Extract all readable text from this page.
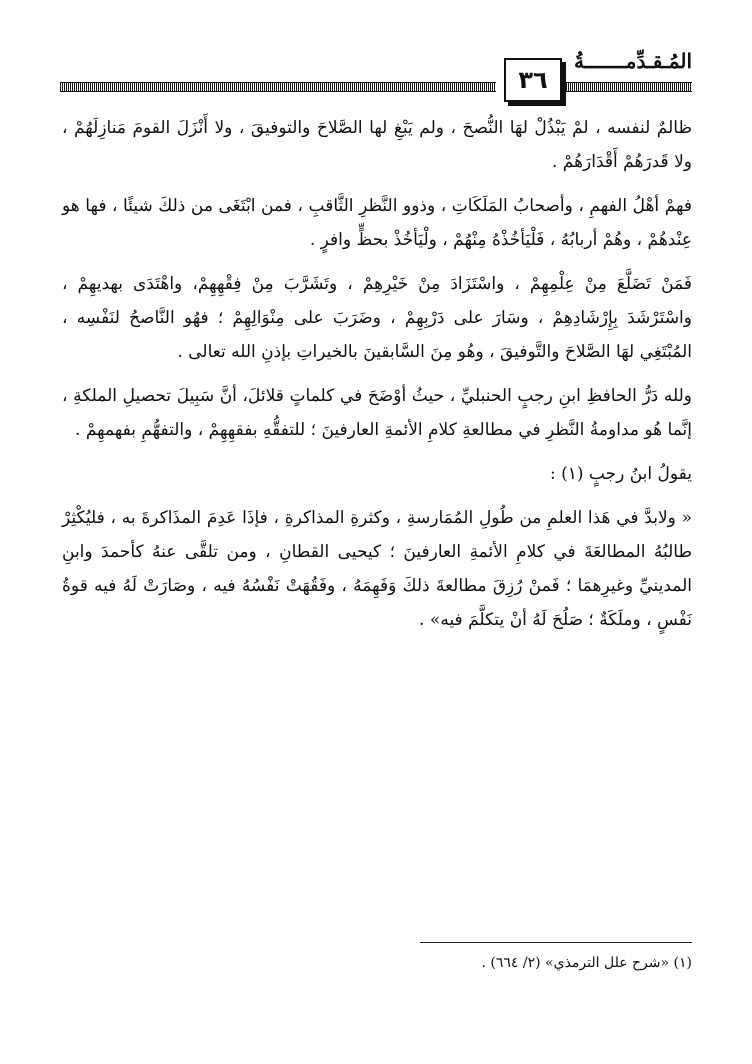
٣٦
المُـقـدِّمـــــــةُ

ظالمٌ لنفسه ، لمْ يَبْذُلْ لهَا النُّصحَ ، ولم يَبْغِ لها الصَّلاحَ والتوفيقَ ، ولا أَنْزَلَ القومَ مَنازِلَهُمْ ، ولا قَدرَهُمْ أَقْدَارَهُمْ .

فهمْ أهْلُ الفهمِ ، وأصحابُ المَلَكَاتِ ، وذوو النَّظرِ الثَّاقبِ ، فمن ابْتَغَى من ذلكَ شيئًا ، فها هو عِنْدهُمْ ، وهُمْ أربابُهُ ، فَلْيَأخُذْهُ مِنْهُمْ ، ولْيَأخُذْ بحظٍّ وافرٍ .

فَمَنْ تَضَلَّعَ مِنْ عِلْمِهِمْ ، واسْتَزَادَ مِنْ خَيْرِهِمْ ، وتَشَرَّبَ مِنْ فِقْهِهِمْ، واهْتَدَى بهديهِمْ ، واسْتَرْشَدَ بِإِرْشَادِهِمْ ، وسَارَ على دَرْبِهِمْ ، وضَرَبَ على مِنْوَالِهِمْ ؛ فهُو النَّاصحُ لنَفْسِه ، المُبْتَغِي لهَا الصَّلاحَ والتَّوفيقَ ، وهُو مِنَ السَّابقينَ بالخيراتِ بإذنِ الله تعالى .

ولله دَرُّ الحافظِ ابنِ رجبٍ الحنبليِّ ، حيثُ أوْضَحَ في كلماتٍ قلائلَ، أنَّ سَبِيلَ تحصيلِ الملكةِ ، إنَّما هُو مداومةُ النَّظرِ في مطالعةِ كلامِ الأئمةِ العارفينَ ؛ للتفقُّهِ بفقهِهِمْ ، والتفهُّمِ بفهمهِمْ .

يقولُ ابنُ رجبٍ (١) :

« ولابدَّ في هَذا العلمِ من طُولِ المُمَارسةِ ، وكثرةِ المذاكرةِ ، فإذَا عَدِمَ المذَاكرةَ به ، فليُكْثِرْ طالبُهُ المطالعَةَ في كلامِ الأئمةِ العارفينَ ؛ كيحيى القطانِ ، ومن تلقَّى عنهُ كأحمدَ وابنِ المدينيِّ وغيرِهمَا ؛ فَمنْ رُزِقَ مطالعةَ ذلكَ وَفَهِمَهُ ، وفَقُهَتْ نَفْسُهُ فيه ، وصَارَتْ لَهُ فيه قوةُ نَفْسٍ ، وملَكَةٌ ؛ صَلُحَ لَهُ أنْ يتكلَّمَ فيه» .

(١) «شرح علل الترمذي» (٢/ ٦٦٤) .
